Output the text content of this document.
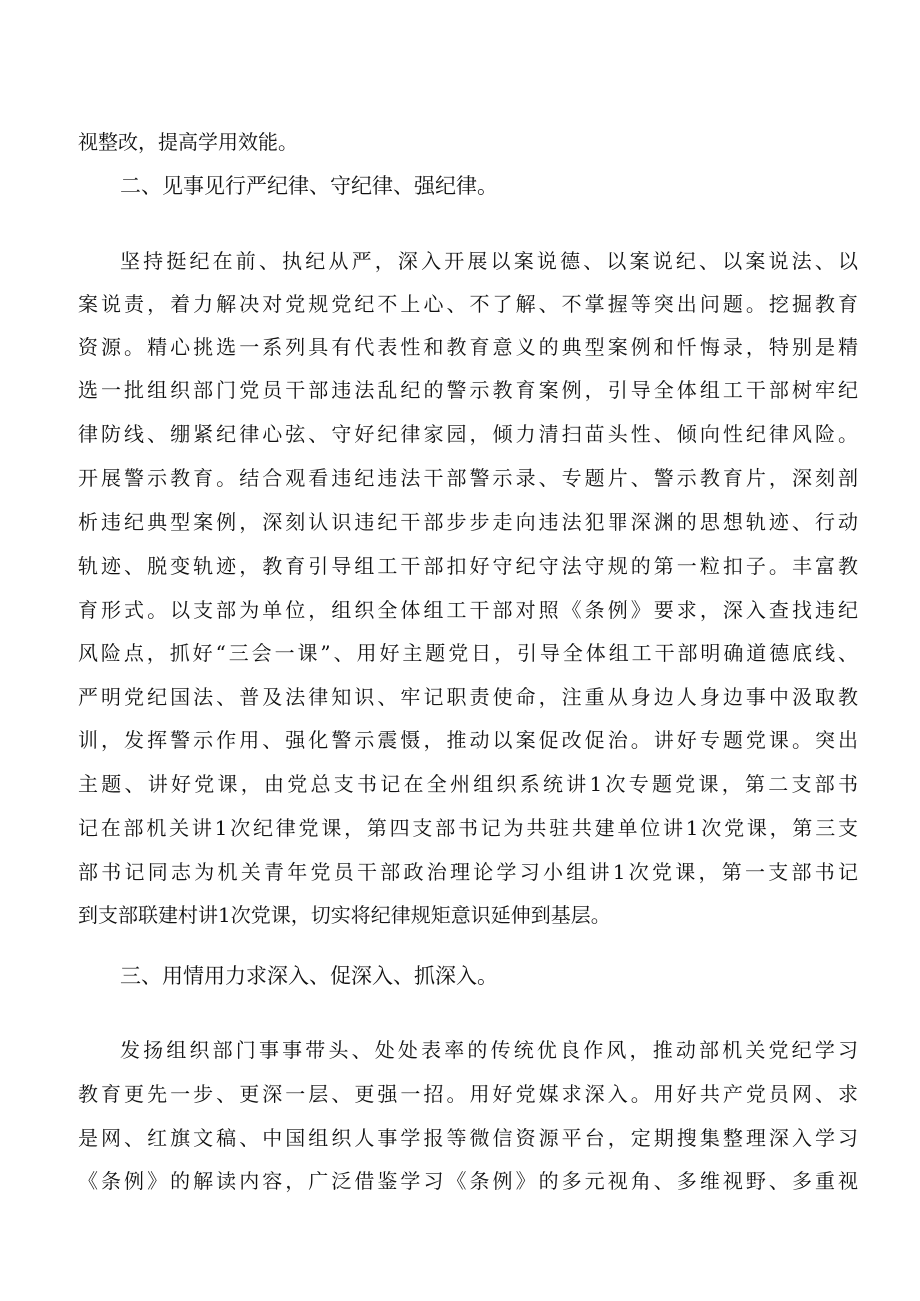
视整改，提高学用效能。
二、见事见行严纪律、守纪律、强纪律。
坚持挺纪在前、执纪从严，深入开展以案说德、以案说纪、以案说法、以
案说责，着力解决对党规党纪不上心、不了解、不掌握等突出问题。挖掘教育
资源。精心挑选一系列具有代表性和教育意义的典型案例和忏悔录，特别是精
选一批组织部门党员干部违法乱纪的警示教育案例，引导全体组工干部树牢纪
律防线、绷紧纪律心弦、守好纪律家园，倾力清扫苗头性、倾向性纪律风险。
开展警示教育。结合观看违纪违法干部警示录、专题片、警示教育片，深刻剖
析违纪典型案例，深刻认识违纪干部步步走向违法犯罪深渊的思想轨迹、行动
轨迹、脱变轨迹，教育引导组工干部扣好守纪守法守规的第一粒扣子。丰富教
育形式。以支部为单位，组织全体组工干部对照《条例》要求，深入查找违纪
风险点，抓好“三会一课”、用好主题党日，引导全体组工干部明确道德底线、
严明党纪国法、普及法律知识、牢记职责使命，注重从身边人身边事中汲取教
训，发挥警示作用、强化警示震慑，推动以案促改促治。讲好专题党课。突出
主题、讲好党课，由党总支书记在全州组织系统讲1次专题党课，第二支部书
记在部机关讲1次纪律党课，第四支部书记为共驻共建单位讲1次党课，第三支
部书记同志为机关青年党员干部政治理论学习小组讲1次党课，第一支部书记
到支部联建村讲1次党课，切实将纪律规矩意识延伸到基层。
三、用情用力求深入、促深入、抓深入。
发扬组织部门事事带头、处处表率的传统优良作风，推动部机关党纪学习
教育更先一步、更深一层、更强一招。用好党媒求深入。用好共产党员网、求
是网、红旗文稿、中国组织人事学报等微信资源平台，定期搜集整理深入学习
《条例》的解读内容，广泛借鉴学习《条例》的多元视角、多维视野、多重视
